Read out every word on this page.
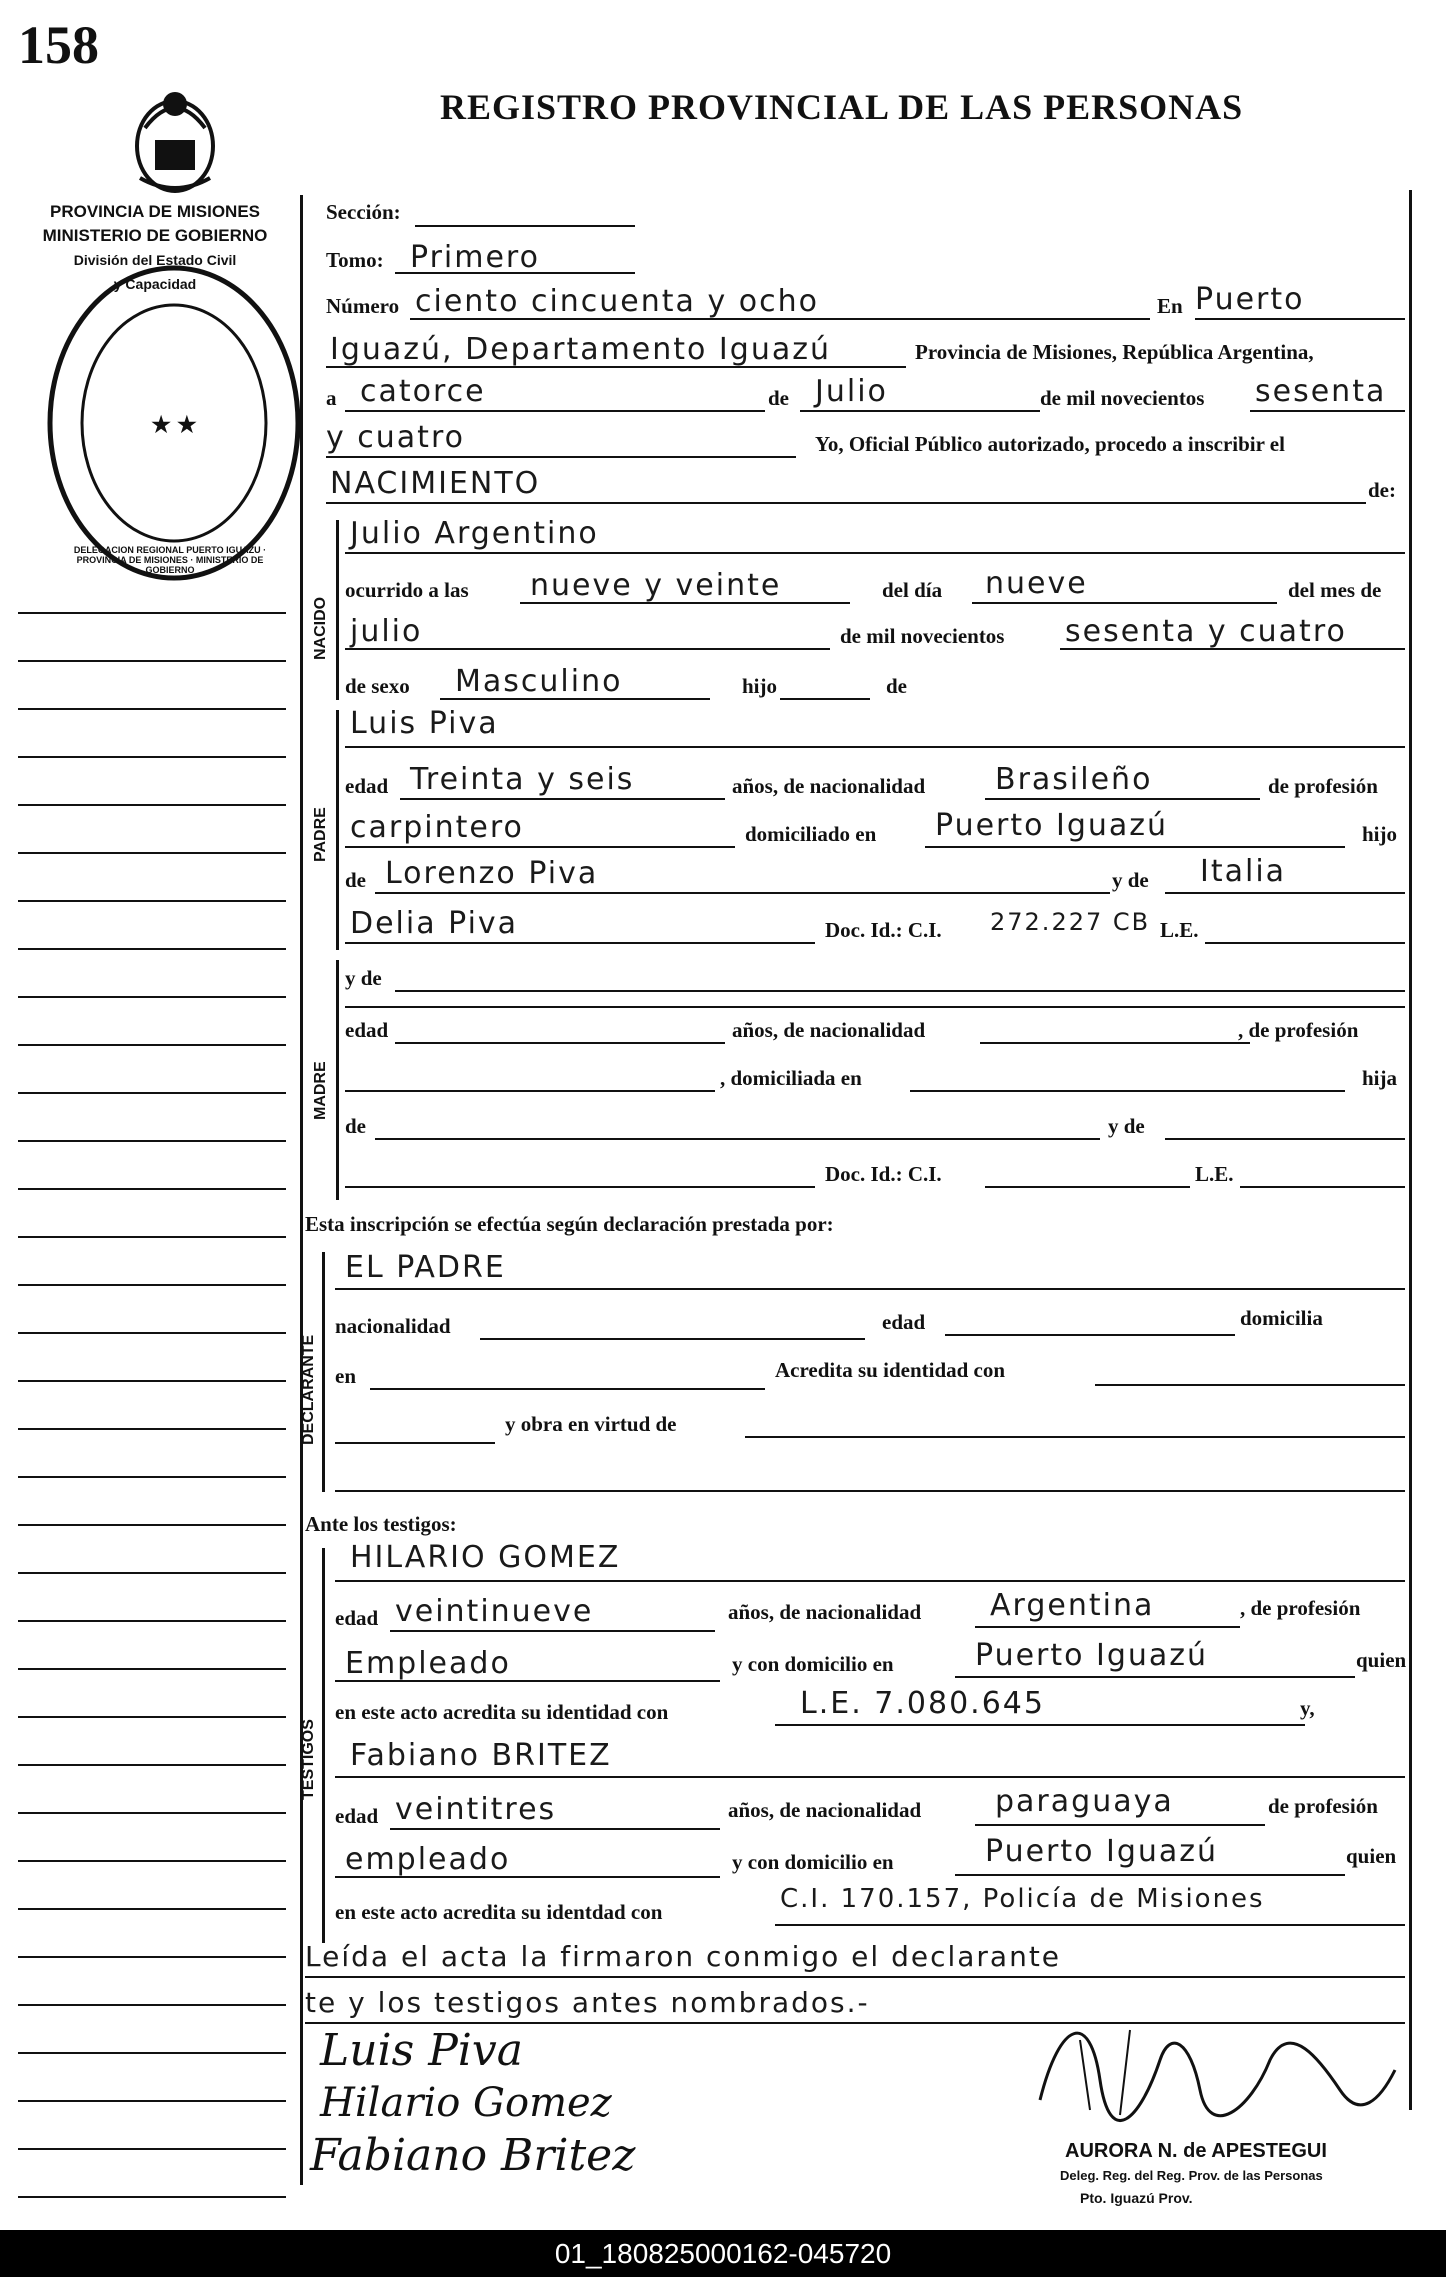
158
REGISTRO PROVINCIAL DE LAS PERSONAS
PROVINCIA DE MISIONES
MINISTERIO DE GOBIERNO
División del Estado Civil
y Capacidad
★ ★
DELEGACION REGIONAL PUERTO IGUAZU · PROVINCIA DE MISIONES · MINISTERIO DE GOBIERNO
Sección:
Tomo: Primero
Número ciento cincuenta y ocho	En Puerto
Iguazú, Departamento Iguazú	Provincia de Misiones, República Argentina,
a catorce	de Julio	de mil novecientos sesenta
y cuatro	Yo, Oficial Público autorizado, procedo a inscribir el
NACIMIENTO	de:
NACIDO
Julio Argentino
ocurrido a las nueve y veinte	del día nueve	del mes de
julio	de mil novecientos sesenta y cuatro
de sexo Masculino	hijo	de
PADRE
Luis Piva
edad Treinta y seis	años, de nacionalidad Brasileño	de profesión
carpintero	domiciliado en Puerto Iguazú	hijo
de Lorenzo Piva	y de Italia
Delia Piva	Doc. Id.: C.I. 272.227 CB L.E.
MADRE
y de
edad	años, de nacionalidad	, de profesión
, domiciliada en	hija
de	y de
Doc. Id.: C.I.	L.E.
Esta inscripción se efectúa según declaración prestada por:
DECLARANTE
EL PADRE
nacionalidad	edad	domicilia
en	Acredita su identidad con
y obra en virtud de
Ante los testigos:
TESTIGOS
HILARIO GOMEZ
edad veintinueve	años, de nacionalidad Argentina	, de profesión
Empleado	y con domicilio en	Puerto Iguazú	quien
en este acto acredita su identidad con	L.E. 7.080.645	y,
Fabiano BRITEZ
edad veintitres	años, de nacionalidad paraguaya	de profesión
empleado	y con domicilio en	Puerto Iguazú	quien
en este acto acredita su identdad con	C.I. 170.157, Policía de Misiones
Leída el acta la firmaron conmigo el declarante
te y los testigos antes nombrados.-
Luis Piva
Hilario Gomez
Fabiano Britez	AURORA N. de APESTEGUI
Deleg. Reg. del Reg. Prov. de las Personas
Pto. Iguazú Prov.
01_180825000162-045720
